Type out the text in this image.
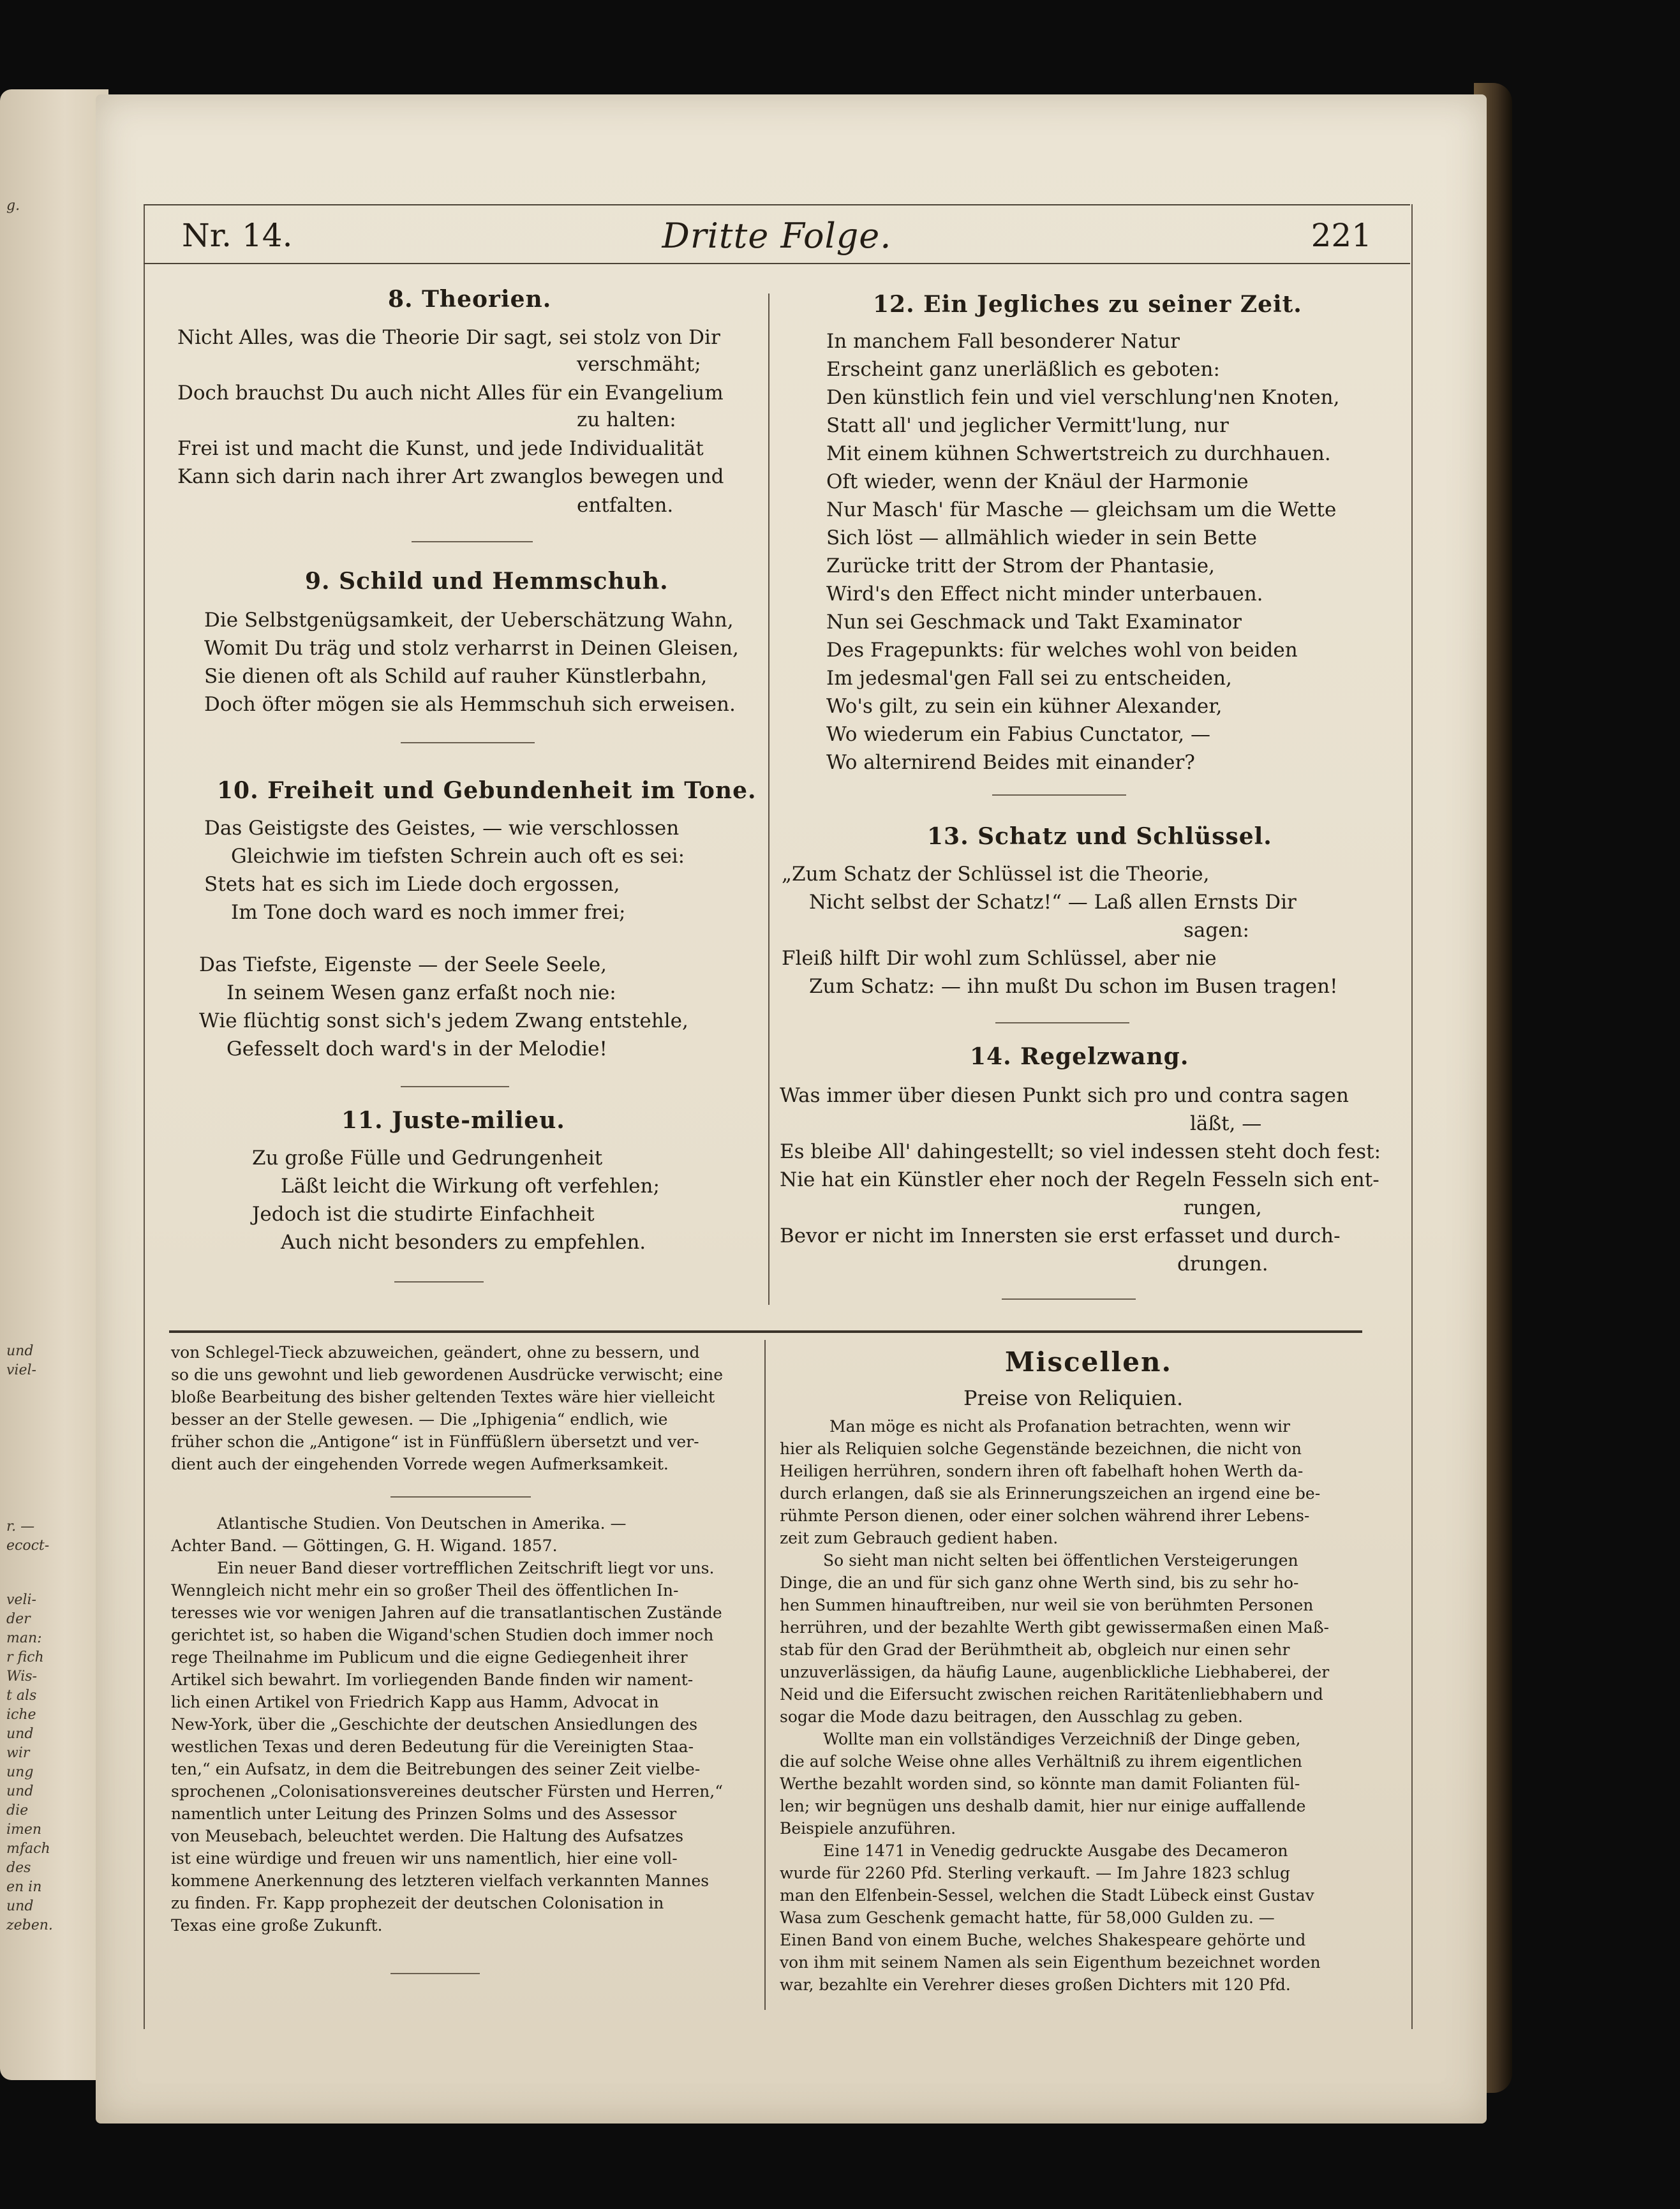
g.
und
viel-
r. —
ecoct-
veli-
der
man:
r fich
Wis-
t als
iche
und
wir
ung
und
die
imen
mfach
des
en in
und
zeben.
Nr. 14.	Dritte Folge.	221
8. Theorien.
Nicht Alles, was die Theorie Dir sagt, sei stolz von Dir
verschmäht;
Doch brauchst Du auch nicht Alles für ein Evangelium
zu halten:
Frei ist und macht die Kunst, und jede Individualität
Kann sich darin nach ihrer Art zwanglos bewegen und
entfalten.
9. Schild und Hemmschuh.
Die Selbstgenügsamkeit, der Ueberschätzung Wahn,
Womit Du träg und stolz verharrst in Deinen Gleisen,
Sie dienen oft als Schild auf rauher Künstlerbahn,
Doch öfter mögen sie als Hemmschuh sich erweisen.
10. Freiheit und Gebundenheit im Tone.
Das Geistigste des Geistes, — wie verschlossen
Gleichwie im tiefsten Schrein auch oft es sei:
Stets hat es sich im Liede doch ergossen,
Im Tone doch ward es noch immer frei;
Das Tiefste, Eigenste — der Seele Seele,
In seinem Wesen ganz erfaßt noch nie:
Wie flüchtig sonst sich's jedem Zwang entstehle,
Gefesselt doch ward's in der Melodie!
11. Juste-milieu.
Zu große Fülle und Gedrungenheit
Läßt leicht die Wirkung oft verfehlen;
Jedoch ist die studirte Einfachheit
Auch nicht besonders zu empfehlen.
12. Ein Jegliches zu seiner Zeit.
In manchem Fall besonderer Natur
Erscheint ganz unerläßlich es geboten:
Den künstlich fein und viel verschlung'nen Knoten,
Statt all' und jeglicher Vermitt'lung, nur
Mit einem kühnen Schwertstreich zu durchhauen.
Oft wieder, wenn der Knäul der Harmonie
Nur Masch' für Masche — gleichsam um die Wette
Sich löst — allmählich wieder in sein Bette
Zurücke tritt der Strom der Phantasie,
Wird's den Effect nicht minder unterbauen.
Nun sei Geschmack und Takt Examinator
Des Fragepunkts: für welches wohl von beiden
Im jedesmal'gen Fall sei zu entscheiden,
Wo's gilt, zu sein ein kühner Alexander,
Wo wiederum ein Fabius Cunctator, —
Wo alternirend Beides mit einander?
13. Schatz und Schlüssel.
„Zum Schatz der Schlüssel ist die Theorie,
Nicht selbst der Schatz!“ — Laß allen Ernsts Dir
sagen:
Fleiß hilft Dir wohl zum Schlüssel, aber nie
Zum Schatz: — ihn mußt Du schon im Busen tragen!
14. Regelzwang.
Was immer über diesen Punkt sich pro und contra sagen
läßt, —
Es bleibe All' dahingestellt; so viel indessen steht doch fest:
Nie hat ein Künstler eher noch der Regeln Fesseln sich ent-
rungen,
Bevor er nicht im Innersten sie erst erfasset und durch-
drungen.
von Schlegel-Tieck abzuweichen, geändert, ohne zu bessern, und
so die uns gewohnt und lieb gewordenen Ausdrücke verwischt; eine
bloße Bearbeitung des bisher geltenden Textes wäre hier vielleicht
besser an der Stelle gewesen. — Die „Iphigenia“ endlich, wie
früher schon die „Antigone“ ist in Fünffüßlern übersetzt und ver-
dient auch der eingehenden Vorrede wegen Aufmerksamkeit.
Atlantische Studien. Von Deutschen in Amerika. —
Achter Band. — Göttingen, G. H. Wigand. 1857.
Ein neuer Band dieser vortrefflichen Zeitschrift liegt vor uns.
Wenngleich nicht mehr ein so großer Theil des öffentlichen In-
teresses wie vor wenigen Jahren auf die transatlantischen Zustände
gerichtet ist, so haben die Wigand'schen Studien doch immer noch
rege Theilnahme im Publicum und die eigne Gediegenheit ihrer
Artikel sich bewahrt. Im vorliegenden Bande finden wir nament-
lich einen Artikel von Friedrich Kapp aus Hamm, Advocat in
New-York, über die „Geschichte der deutschen Ansiedlungen des
westlichen Texas und deren Bedeutung für die Vereinigten Staa-
ten,“ ein Aufsatz, in dem die Beitrebungen des seiner Zeit vielbe-
sprochenen „Colonisationsvereines deutscher Fürsten und Herren,“
namentlich unter Leitung des Prinzen Solms und des Assessor
von Meusebach, beleuchtet werden. Die Haltung des Aufsatzes
ist eine würdige und freuen wir uns namentlich, hier eine voll-
kommene Anerkennung des letzteren vielfach verkannten Mannes
zu finden. Fr. Kapp prophezeit der deutschen Colonisation in
Texas eine große Zukunft.
Miscellen.
Preise von Reliquien.
Man möge es nicht als Profanation betrachten, wenn wir
hier als Reliquien solche Gegenstände bezeichnen, die nicht von
Heiligen herrühren, sondern ihren oft fabelhaft hohen Werth da-
durch erlangen, daß sie als Erinnerungszeichen an irgend eine be-
rühmte Person dienen, oder einer solchen während ihrer Lebens-
zeit zum Gebrauch gedient haben.
So sieht man nicht selten bei öffentlichen Versteigerungen
Dinge, die an und für sich ganz ohne Werth sind, bis zu sehr ho-
hen Summen hinauftreiben, nur weil sie von berühmten Personen
herrühren, und der bezahlte Werth gibt gewissermaßen einen Maß-
stab für den Grad der Berühmtheit ab, obgleich nur einen sehr
unzuverlässigen, da häufig Laune, augenblickliche Liebhaberei, der
Neid und die Eifersucht zwischen reichen Raritätenliebhabern und
sogar die Mode dazu beitragen, den Ausschlag zu geben.
Wollte man ein vollständiges Verzeichniß der Dinge geben,
die auf solche Weise ohne alles Verhältniß zu ihrem eigentlichen
Werthe bezahlt worden sind, so könnte man damit Folianten fül-
len; wir begnügen uns deshalb damit, hier nur einige auffallende
Beispiele anzuführen.
Eine 1471 in Venedig gedruckte Ausgabe des Decameron
wurde für 2260 Pfd. Sterling verkauft. — Im Jahre 1823 schlug
man den Elfenbein-Sessel, welchen die Stadt Lübeck einst Gustav
Wasa zum Geschenk gemacht hatte, für 58,000 Gulden zu. —
Einen Band von einem Buche, welches Shakespeare gehörte und
von ihm mit seinem Namen als sein Eigenthum bezeichnet worden
war, bezahlte ein Verehrer dieses großen Dichters mit 120 Pfd.
